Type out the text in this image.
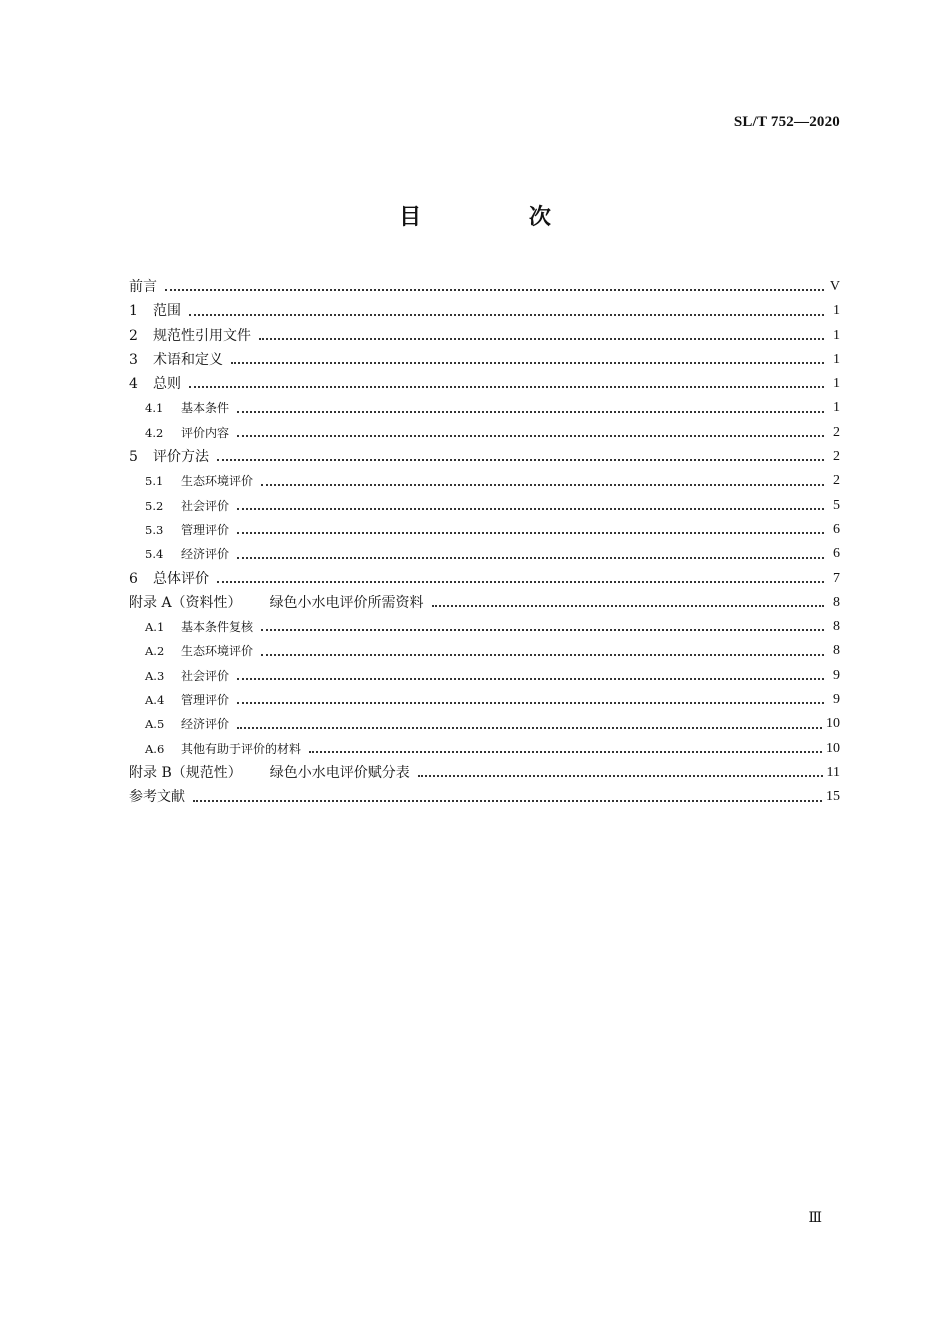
SL/T 752—2020
目 次
前言	V
1	范围	1
2	规范性引用文件	1
3	术语和定义	1
4	总则	1
4.1	基本条件	1
4.2	评价内容	2
5	评价方法	2
5.1	生态环境评价	2
5.2	社会评价	5
5.3	管理评价	6
5.4	经济评价	6
6	总体评价	7
附录 A（资料性）	绿色小水电评价所需资料	8
A.1	基本条件复核	8
A.2	生态环境评价	8
A.3	社会评价	9
A.4	管理评价	9
A.5	经济评价	10
A.6	其他有助于评价的材料	10
附录 B（规范性）	绿色小水电评价赋分表	11
参考文献	15
Ⅲ
